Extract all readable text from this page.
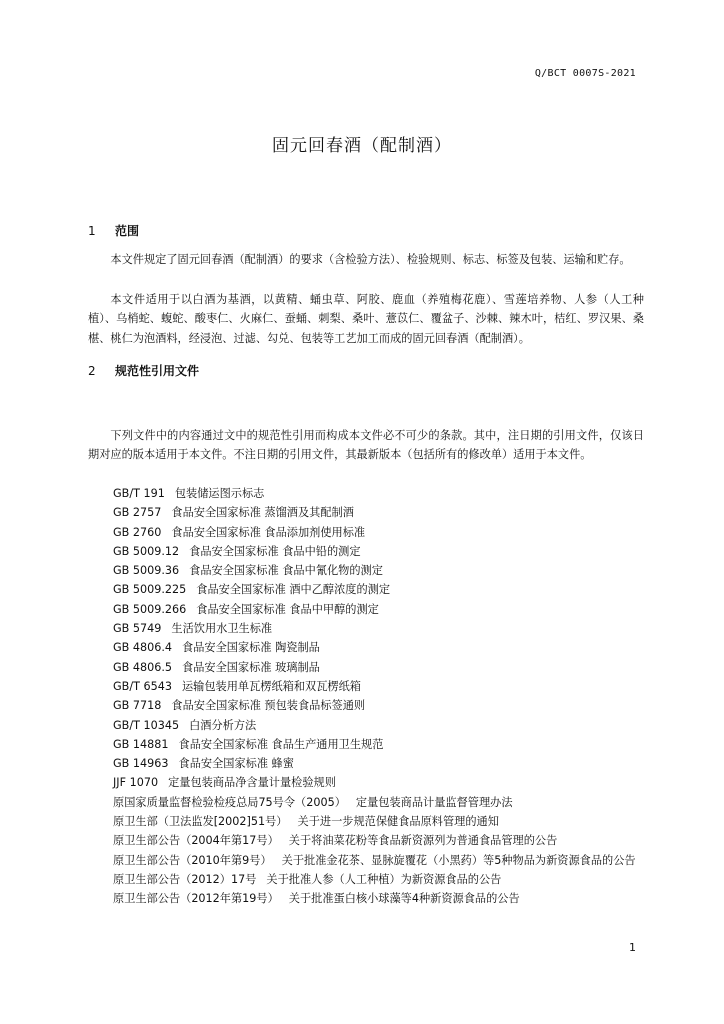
Q/BCT 0007S-2021
固元回春酒（配制酒）
1 范围

本文件规定了固元回春酒（配制酒）的要求（含检验方法）、检验规则、标志、标签及包装、运输和贮存。

本文件适用于以白酒为基酒，以黄精、蛹虫草、阿胶、鹿血（养殖梅花鹿）、雪莲培养物、人参（人工种植）、乌梢蛇、蝮蛇、酸枣仁、火麻仁、蚕蛹、刺梨、桑叶、薏苡仁、覆盆子、沙棘、辣木叶，桔红、罗汉果、桑椹、桃仁为泡酒料，经浸泡、过滤、勾兑、包装等工艺加工而成的固元回春酒（配制酒）。

2 规范性引用文件

下列文件中的内容通过文中的规范性引用而构成本文件必不可少的条款。其中，注日期的引用文件，仅该日期对应的版本适用于本文件。不注日期的引用文件，其最新版本（包括所有的修改单）适用于本文件。

GB/T 191 包装储运图示标志
GB 2757 食品安全国家标准 蒸馏酒及其配制酒
GB 2760 食品安全国家标准 食品添加剂使用标准
GB 5009.12 食品安全国家标准 食品中铅的测定
GB 5009.36 食品安全国家标准 食品中氰化物的测定
GB 5009.225 食品安全国家标准 酒中乙醇浓度的测定
GB 5009.266 食品安全国家标准 食品中甲醇的测定
GB 5749 生活饮用水卫生标准
GB 4806.4 食品安全国家标准 陶瓷制品
GB 4806.5 食品安全国家标准 玻璃制品
GB/T 6543 运输包装用单瓦楞纸箱和双瓦楞纸箱
GB 7718 食品安全国家标准 预包装食品标签通则
GB/T 10345 白酒分析方法
GB 14881 食品安全国家标准 食品生产通用卫生规范
GB 14963 食品安全国家标准 蜂蜜
JJF 1070 定量包装商品净含量计量检验规则
原国家质量监督检验检疫总局75号令（2005） 定量包装商品计量监督管理办法
原卫生部（卫法监发[2002]51号） 关于进一步规范保健食品原料管理的通知
原卫生部公告（2004年第17号） 关于将油菜花粉等食品新资源列为普通食品管理的公告
原卫生部公告（2010年第9号） 关于批准金花茶、显脉旋覆花（小黑药）等5种物品为新资源食品的公告
原卫生部公告（2012）17号 关于批准人参（人工种植）为新资源食品的公告
原卫生部公告（2012年第19号） 关于批准蛋白核小球藻等4种新资源食品的公告
1
